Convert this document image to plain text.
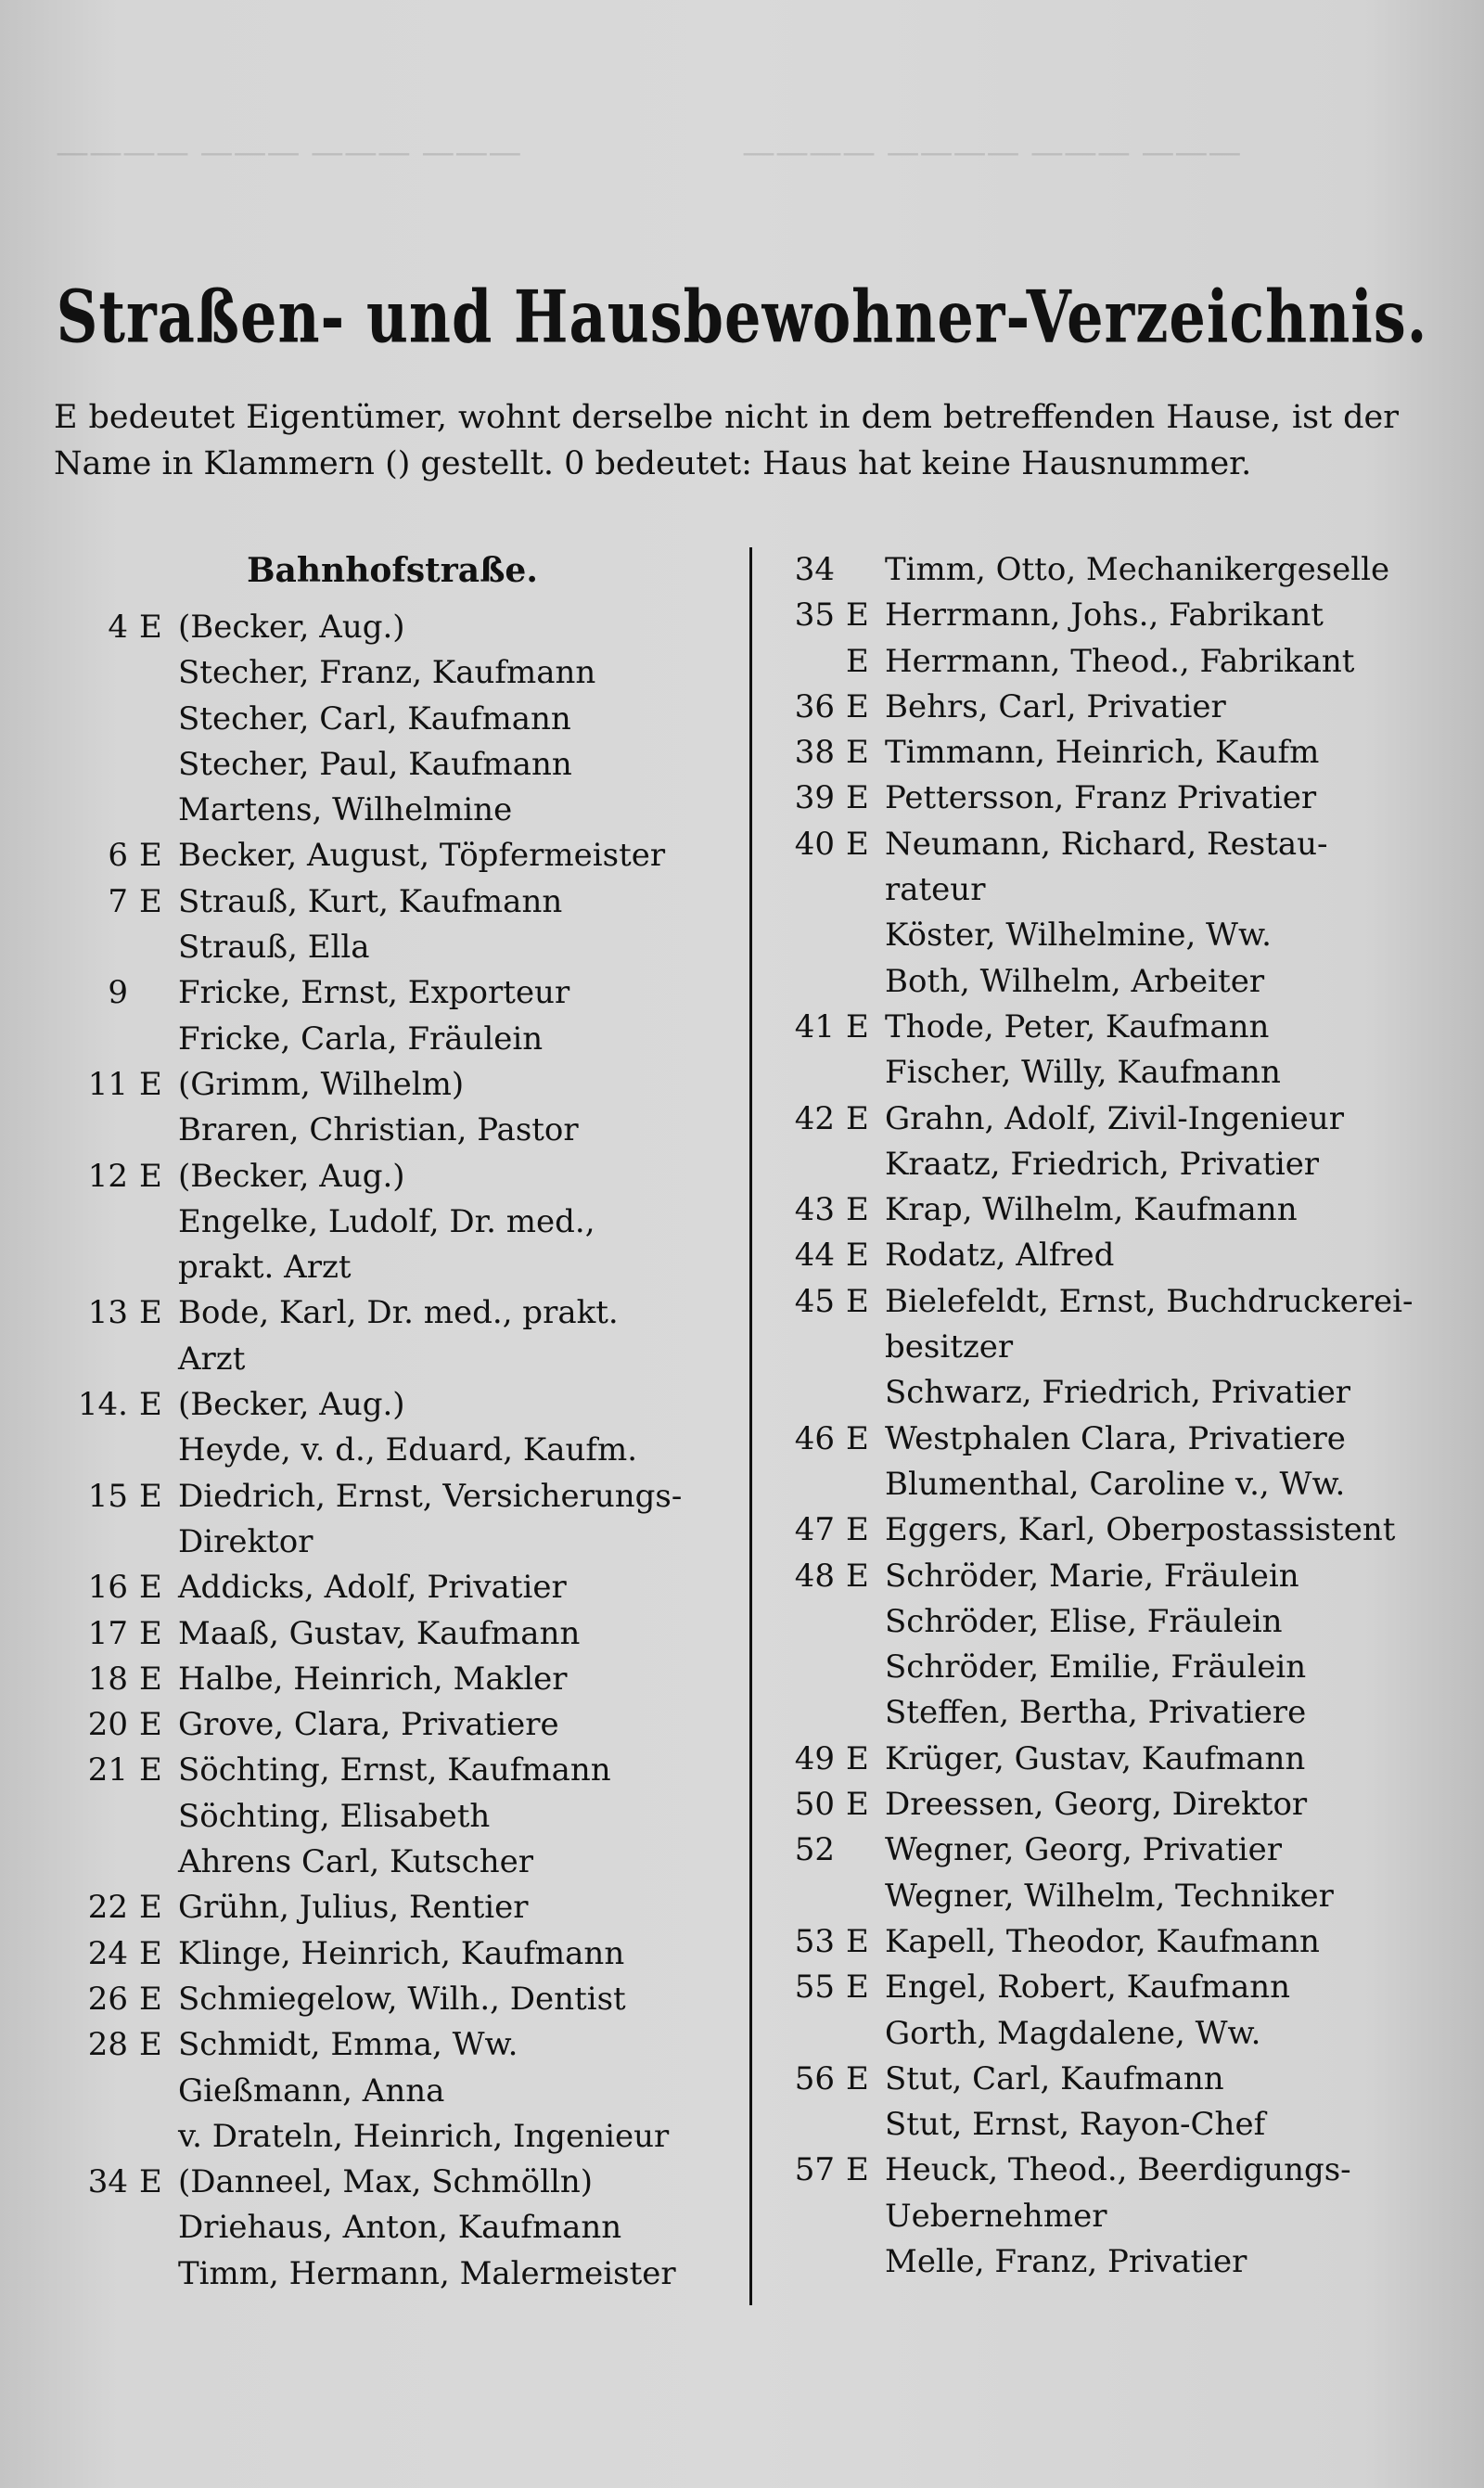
———— ——— ——— ———	———— ———— ——— ———
Straßen- und Hausbewohner-Verzeichnis.
E bedeutet Eigentümer, wohnt derselbe nicht in dem betreffenden Hause, ist der Name in Klammern () gestellt. 0 bedeutet: Haus hat keine Hausnummer.
Bahnhofstraße.
4 E (Becker, Aug.)
Stecher, Franz, Kaufmann
Stecher, Carl, Kaufmann
Stecher, Paul, Kaufmann
Martens, Wilhelmine
6 E Becker, August, Töpfermeister
7 E Strauß, Kurt, Kaufmann
Strauß, Ella
9	Fricke, Ernst, Exporteur
Fricke, Carla, Fräulein
11 E (Grimm, Wilhelm)
Braren, Christian, Pastor
12 E (Becker, Aug.)
Engelke, Ludolf, Dr. med.,
prakt. Arzt
13 E Bode, Karl, Dr. med., prakt.
Arzt
14. E (Becker, Aug.)
Heyde, v. d., Eduard, Kaufm.
15 E Diedrich, Ernst, Versicherungs-
Direktor
16 E Addicks, Adolf, Privatier
17 E Maaß, Gustav, Kaufmann
18 E Halbe, Heinrich, Makler
20 E Grove, Clara, Privatiere
21 E Söchting, Ernst, Kaufmann
Söchting, Elisabeth
Ahrens Carl, Kutscher
22 E Grühn, Julius, Rentier
24 E Klinge, Heinrich, Kaufmann
26 E Schmiegelow, Wilh., Dentist
28 E Schmidt, Emma, Ww.
Gießmann, Anna
v. Drateln, Heinrich, Ingenieur
34 E (Danneel, Max, Schmölln)
Driehaus, Anton, Kaufmann
Timm, Hermann, Malermeister
34	Timm, Otto, Mechanikergeselle
35 E Herrmann, Johs., Fabrikant
E Herrmann, Theod., Fabrikant
36 E Behrs, Carl, Privatier
38 E Timmann, Heinrich, Kaufm
39 E Pettersson, Franz Privatier
40 E Neumann, Richard, Restau-
rateur
Köster, Wilhelmine, Ww.
Both, Wilhelm, Arbeiter
41 E Thode, Peter, Kaufmann
Fischer, Willy, Kaufmann
42 E Grahn, Adolf, Zivil-Ingenieur
Kraatz, Friedrich, Privatier
43 E Krap, Wilhelm, Kaufmann
44 E Rodatz, Alfred
45 E Bielefeldt, Ernst, Buchdruckerei-
besitzer
Schwarz, Friedrich, Privatier
46 E Westphalen Clara, Privatiere
Blumenthal, Caroline v., Ww.
47 E Eggers, Karl, Oberpostassistent
48 E Schröder, Marie, Fräulein
Schröder, Elise, Fräulein
Schröder, Emilie, Fräulein
Steffen, Bertha, Privatiere
49 E Krüger, Gustav, Kaufmann
50 E Dreessen, Georg, Direktor
52	Wegner, Georg, Privatier
Wegner, Wilhelm, Techniker
53 E Kapell, Theodor, Kaufmann
55 E Engel, Robert, Kaufmann
Gorth, Magdalene, Ww.
56 E Stut, Carl, Kaufmann
Stut, Ernst, Rayon-Chef
57 E Heuck, Theod., Beerdigungs-
Uebernehmer
Melle, Franz, Privatier
